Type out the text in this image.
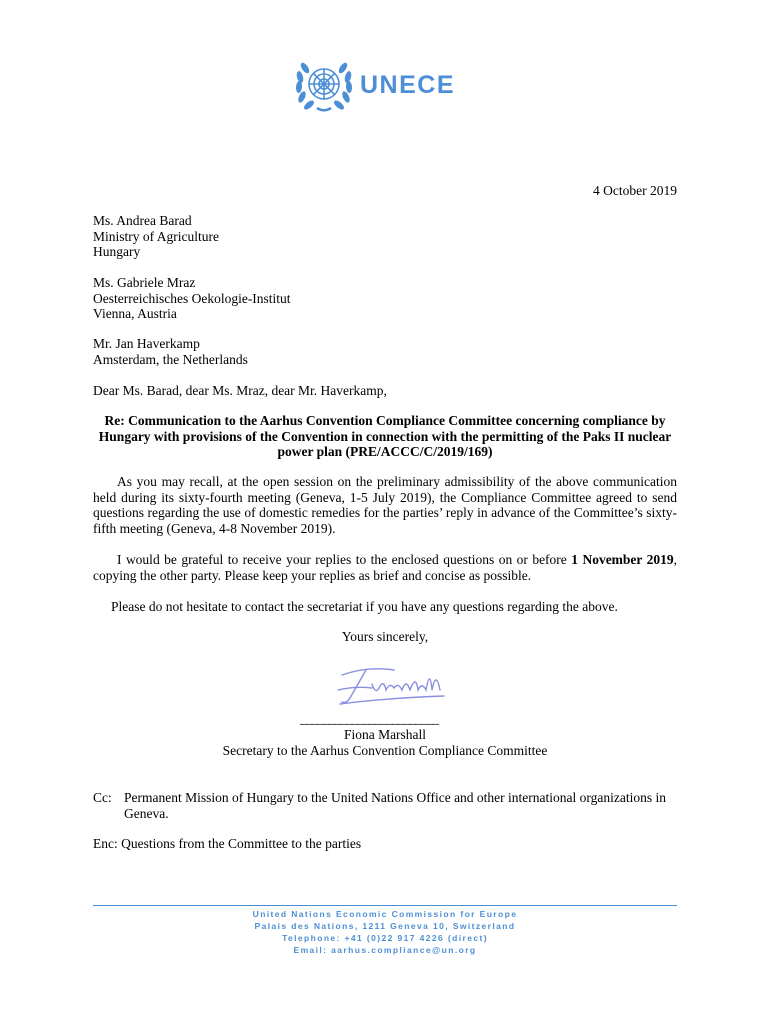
UNECE
4 October 2019
Ms. Andrea Barad
Ministry of Agriculture
Hungary
Ms. Gabriele Mraz
Oesterreichisches Oekologie-Institut
Vienna, Austria
Mr. Jan Haverkamp
Amsterdam, the Netherlands
Dear Ms. Barad, dear Ms. Mraz, dear Mr. Haverkamp,
Re: Communication to the Aarhus Convention Compliance Committee concerning compliance by Hungary with provisions of the Convention in connection with the permitting of the Paks II nuclear power plan (PRE/ACCC/C/2019/169)
As you may recall, at the open session on the preliminary admissibility of the above communication held during its sixty-fourth meeting (Geneva, 1-5 July 2019), the Compliance Committee agreed to send questions regarding the use of domestic remedies for the parties’ reply in advance of the Committee’s sixty-fifth meeting (Geneva, 4-8 November 2019).
I would be grateful to receive your replies to the enclosed questions on or before 1 November 2019, copying the other party. Please keep your replies as brief and concise as possible.
Please do not hesitate to contact the secretariat if you have any questions regarding the above.
Yours sincerely,
________________________
Fiona Marshall
Secretary to the Aarhus Convention Compliance Committee
Cc: Permanent Mission of Hungary to the United Nations Office and other international organizations in Geneva.
Enc: Questions from the Committee to the parties
United Nations Economic Commission for Europe
Palais des Nations, 1211 Geneva 10, Switzerland
Telephone: +41 (0)22 917 4226 (direct)
Email: aarhus.compliance@un.org
